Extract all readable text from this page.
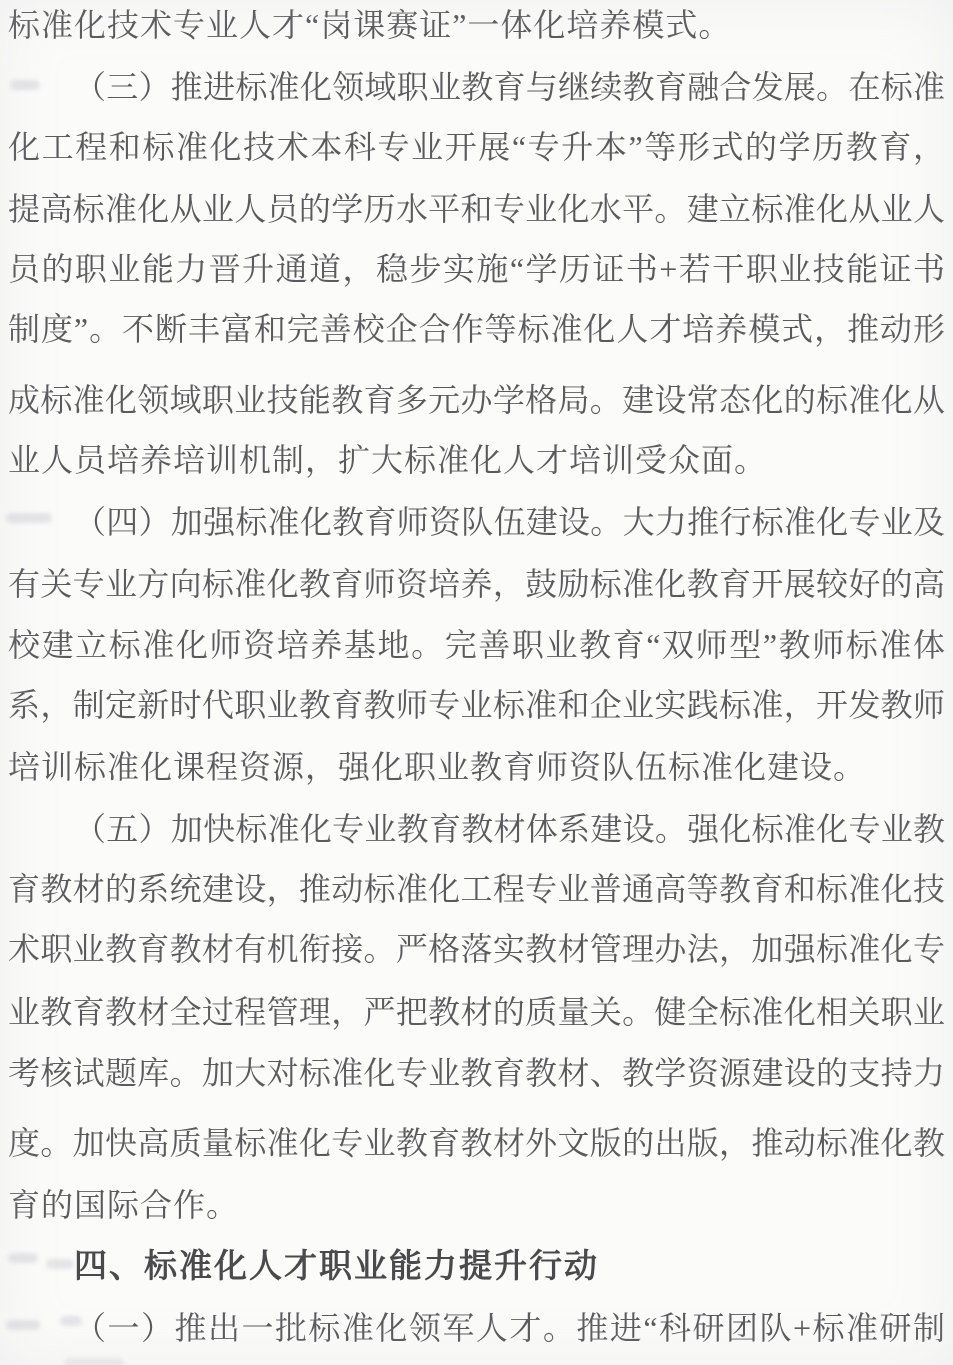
标准化技术专业人才“岗课赛证”一体化培养模式。
（三）推进标准化领域职业教育与继续教育融合发展。在标准
化工程和标准化技术本科专业开展“专升本”等形式的学历教育，
提高标准化从业人员的学历水平和专业化水平。建立标准化从业人
员的职业能力晋升通道，稳步实施“学历证书+若干职业技能证书
制度”。不断丰富和完善校企合作等标准化人才培养模式，推动形
成标准化领域职业技能教育多元办学格局。建设常态化的标准化从
业人员培养培训机制，扩大标准化人才培训受众面。
（四）加强标准化教育师资队伍建设。大力推行标准化专业及
有关专业方向标准化教育师资培养，鼓励标准化教育开展较好的高
校建立标准化师资培养基地。完善职业教育“双师型”教师标准体
系，制定新时代职业教育教师专业标准和企业实践标准，开发教师
培训标准化课程资源，强化职业教育师资队伍标准化建设。
（五）加快标准化专业教育教材体系建设。强化标准化专业教
育教材的系统建设，推动标准化工程专业普通高等教育和标准化技
术职业教育教材有机衔接。严格落实教材管理办法，加强标准化专
业教育教材全过程管理，严把教材的质量关。健全标准化相关职业
考核试题库。加大对标准化专业教育教材、教学资源建设的支持力
度。加快高质量标准化专业教育教材外文版的出版，推动标准化教
育的国际合作。
四、标准化人才职业能力提升行动
（一）推出一批标准化领军人才。推进“科研团队+标准研制
